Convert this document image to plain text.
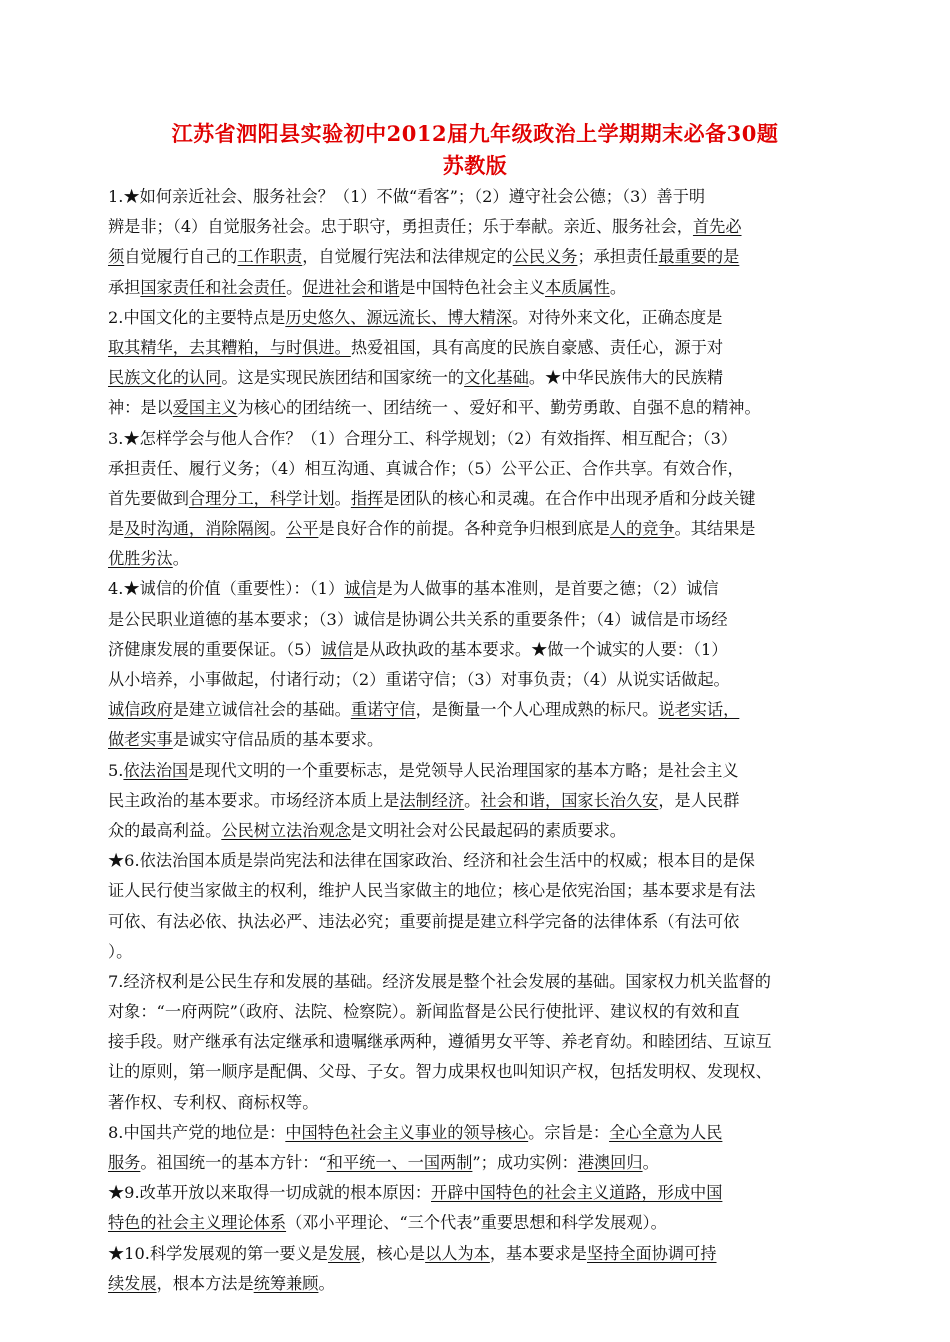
江苏省泗阳县实验初中2012届九年级政治上学期期末必备30题
苏教版
1.★如何亲近社会、服务社会？（1）不做“看客”；（2）遵守社会公德；（3）善于明
辨是非；（4）自觉服务社会。忠于职守，勇担责任；乐于奉献。亲近、服务社会，首先必
须自觉履行自己的工作职责，自觉履行宪法和法律规定的公民义务；承担责任最重要的是
承担国家责任和社会责任。促进社会和谐是中国特色社会主义本质属性。
2.中国文化的主要特点是历史悠久、源远流长、博大精深。对待外来文化，正确态度是
取其精华，去其糟粕，与时俱进。热爱祖国，具有高度的民族自豪感、责任心，源于对
民族文化的认同。这是实现民族团结和国家统一的文化基础。★中华民族伟大的民族精
神：是以爱国主义为核心的团结统一、团结统一 、爱好和平、勤劳勇敢、自强不息的精神。
3.★怎样学会与他人合作？（1）合理分工、科学规划；（2）有效指挥、相互配合；（3）
承担责任、履行义务；（4）相互沟通、真诚合作；（5）公平公正、合作共享。有效合作，
首先要做到合理分工，科学计划。指挥是团队的核心和灵魂。在合作中出现矛盾和分歧关键
是及时沟通，消除隔阂。公平是良好合作的前提。各种竞争归根到底是人的竞争。其结果是
优胜劣汰。
4.★诚信的价值（重要性）：（1）诚信是为人做事的基本准则，是首要之德；（2）诚信
是公民职业道德的基本要求；（3）诚信是协调公共关系的重要条件；（4）诚信是市场经
济健康发展的重要保证。（5）诚信是从政执政的基本要求。★做一个诚实的人要：（1）
从小培养，小事做起，付诸行动；（2）重诺守信；（3）对事负责；（4）从说实话做起。
诚信政府是建立诚信社会的基础。重诺守信，是衡量一个人心理成熟的标尺。说老实话，
做老实事是诚实守信品质的基本要求。
5.依法治国是现代文明的一个重要标志，是党领导人民治理国家的基本方略；是社会主义
民主政治的基本要求。市场经济本质上是法制经济。社会和谐，国家长治久安，是人民群
众的最高利益。公民树立法治观念是文明社会对公民最起码的素质要求。
★6.依法治国本质是崇尚宪法和法律在国家政治、经济和社会生活中的权威；根本目的是保
证人民行使当家做主的权利，维护人民当家做主的地位；核心是依宪治国；基本要求是有法
可依、有法必依、执法必严、违法必究；重要前提是建立科学完备的法律体系（有法可依
）。
7.经济权利是公民生存和发展的基础。经济发展是整个社会发展的基础。国家权力机关监督的
对象：“一府两院”（政府、法院、检察院）。新闻监督是公民行使批评、建议权的有效和直
接手段。财产继承有法定继承和遗嘱继承两种，遵循男女平等、养老育幼。和睦团结、互谅互
让的原则，第一顺序是配偶、父母、子女。智力成果权也叫知识产权，包括发明权、发现权、
著作权、专利权、商标权等。
8.中国共产党的地位是：中国特色社会主义事业的领导核心。宗旨是：全心全意为人民
服务。祖国统一的基本方针：“和平统一、一国两制”；成功实例：港澳回归。
★9.改革开放以来取得一切成就的根本原因：开辟中国特色的社会主义道路，形成中国
特色的社会主义理论体系（邓小平理论、“三个代表”重要思想和科学发展观）。
★10.科学发展观的第一要义是发展，核心是以人为本，基本要求是坚持全面协调可持
续发展，根本方法是统筹兼顾。
